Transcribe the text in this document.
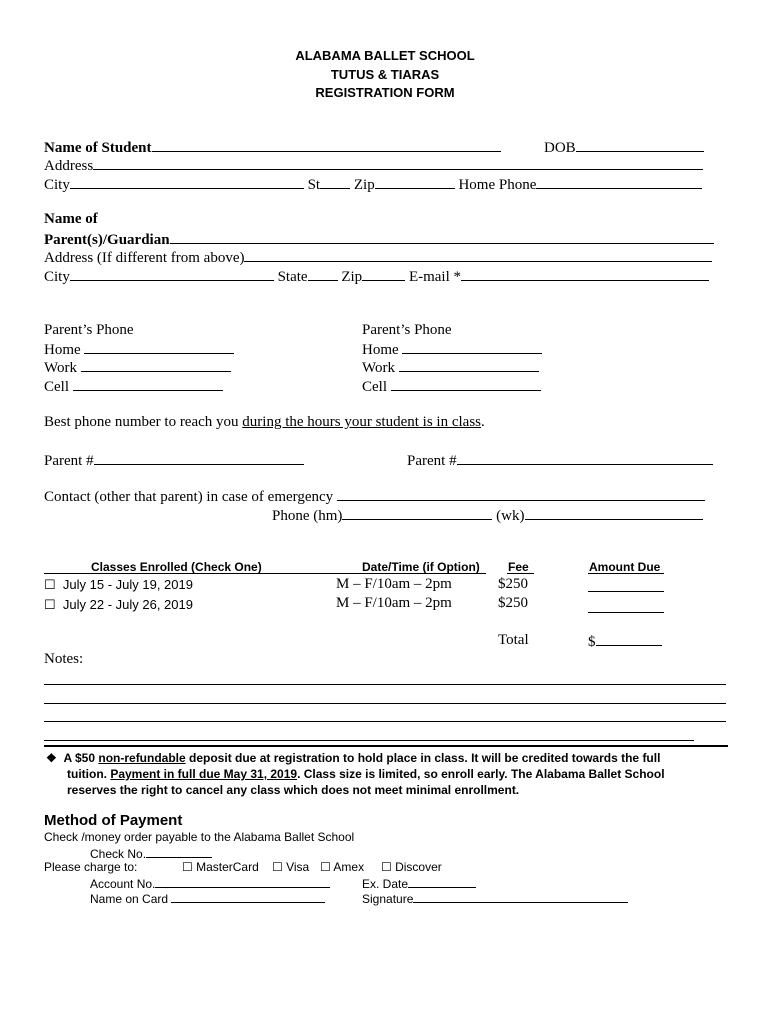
ALABAMA BALLET SCHOOL
TUTUS & TIARAS
REGISTRATION FORM
Name of Student	DOB
Address
City	St Zip	Home Phone
Name of
Parent(s)/Guardian
Address (If different from above)
City	State Zip	E-mail *
Parent’s Phone
Home
Work
Cell
Parent’s Phone
Home
Work
Cell
Best phone number to reach you during the hours your student is in class.
Parent #	Parent #
Contact (other that parent) in case of emergency
Phone (hm)	(wk)
Classes Enrolled (Check One)	Date/Time (if Option) Fee	Amount Due
☐ July 15 - July 19, 2019	M – F/10am – 2pm	$250
☐ July 22 - July 26, 2019	M – F/10am – 2pm	$250
Total	$
Notes:
❖ A $50 non-refundable deposit due at registration to hold place in class. It will be credited towards the full
tuition. Payment in full due May 31, 2019. Class size is limited, so enroll early. The Alabama Ballet School
reserves the right to cancel any class which does not meet minimal enrollment.
Method of Payment
Check /money order payable to the Alabama Ballet School
Check No.
Please charge to:	☐ MasterCard ☐ Visa ☐ Amex ☐ Discover
Account No.	Ex. Date
Name on Card	Signature
